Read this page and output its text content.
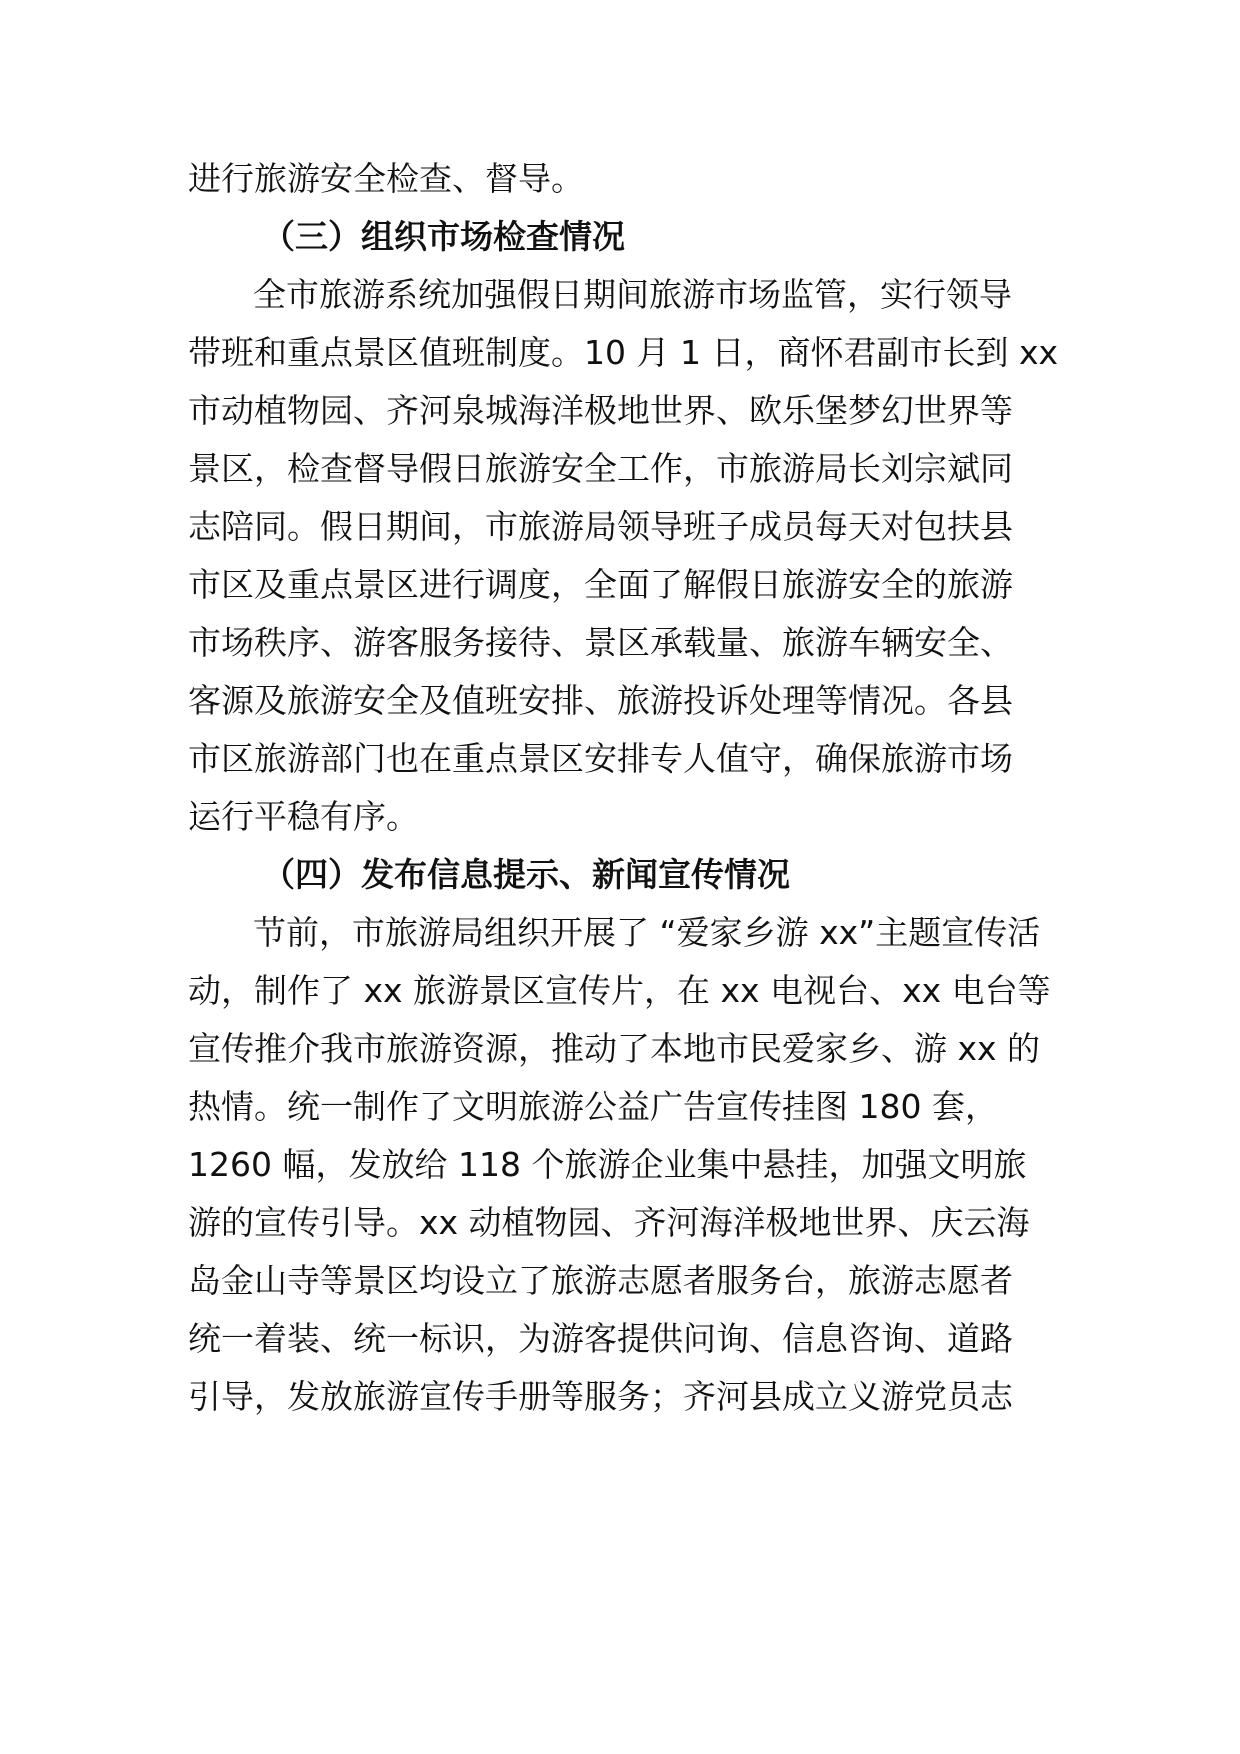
进行旅游安全检查、督导。
（三）组织市场检查情况
全市旅游系统加强假日期间旅游市场监管，实行领导
带班和重点景区值班制度。10 月 1 日，商怀君副市长到 xx
市动植物园、齐河泉城海洋极地世界、欧乐堡梦幻世界等
景区，检查督导假日旅游安全工作，市旅游局长刘宗斌同
志陪同。假日期间，市旅游局领导班子成员每天对包扶县
市区及重点景区进行调度，全面了解假日旅游安全的旅游
市场秩序、游客服务接待、景区承载量、旅游车辆安全、
客源及旅游安全及值班安排、旅游投诉处理等情况。各县
市区旅游部门也在重点景区安排专人值守，确保旅游市场
运行平稳有序。
（四）发布信息提示、新闻宣传情况
节前，市旅游局组织开展了 “爱家乡游 xx”主题宣传活
动，制作了 xx 旅游景区宣传片，在 xx 电视台、xx 电台等
宣传推介我市旅游资源，推动了本地市民爱家乡、游 xx 的
热情。统一制作了文明旅游公益广告宣传挂图 180 套，
1260 幅，发放给 118 个旅游企业集中悬挂，加强文明旅
游的宣传引导。xx 动植物园、齐河海洋极地世界、庆云海
岛金山寺等景区均设立了旅游志愿者服务台，旅游志愿者
统一着装、统一标识，为游客提供问询、信息咨询、道路
引导，发放旅游宣传手册等服务；齐河县成立义游党员志
